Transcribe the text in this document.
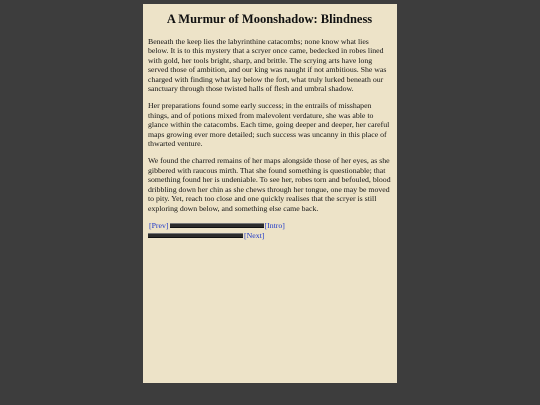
A Murmur of Moonshadow: Blindness

Beneath the keep lies the labyrinthine catacombs; none know what lies below. It is to this mystery that a scryer once came, bedecked in robes lined with gold, her tools bright, sharp, and brittle. The scrying arts have long served those of ambition, and our king was naught if not ambitious. She was charged with finding what lay below the fort, what truly lurked beneath our sanctuary through those twisted halls of flesh and umbral shadow.

Her preparations found some early success; in the entrails of misshapen things, and of potions mixed from malevolent verdature, she was able to glance within the catacombs. Each time, going deeper and deeper, her careful maps growing ever more detailed; such success was uncanny in this place of thwarted venture.

We found the charred remains of her maps alongside those of her eyes, as she gibbered with raucous mirth. That she found something is questionable; that something found her is undeniable. To see her, robes torn and befouled, blood dribbling down her chin as she chews through her tongue, one may be moved to pity. Yet, reach too close and one quickly realises that the scryer is still exploring down below, and something else came back.

[Prev]	[Intro]
[Next]
